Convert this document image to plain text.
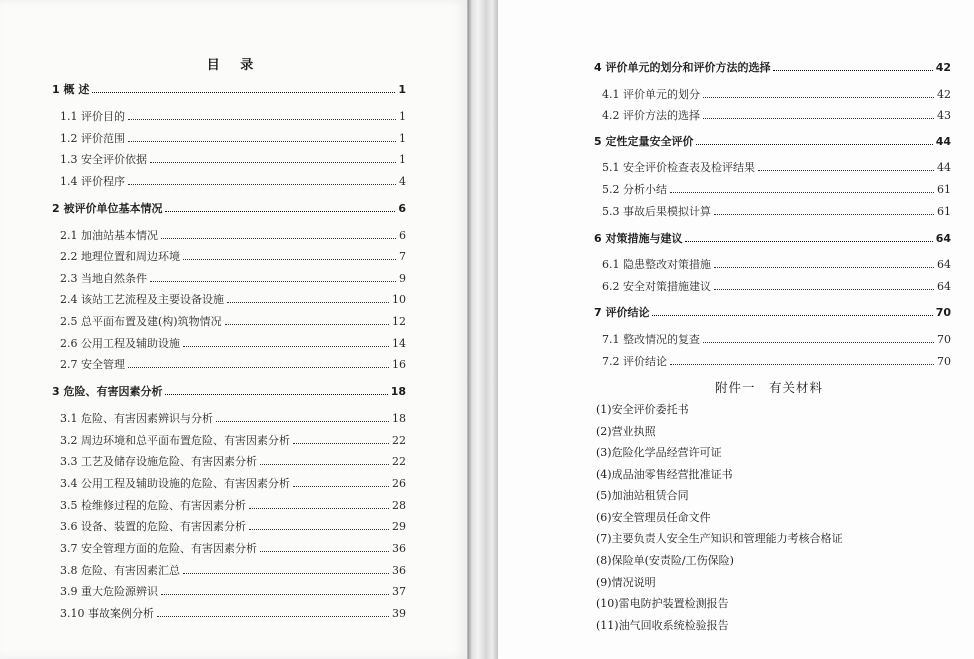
目 录
附件一　有关材料
1 概 述	1
1.1 评价目的	1
1.2 评价范围	1
1.3 安全评价依据	1
1.4 评价程序	4
2 被评价单位基本情况	6
2.1 加油站基本情况	6
2.2 地理位置和周边环境	7
2.3 当地自然条件	9
2.4 该站工艺流程及主要设备设施	10
2.5 总平面布置及建(构)筑物情况	12
2.6 公用工程及辅助设施	14
2.7 安全管理	16
3 危险、有害因素分析	18
3.1 危险、有害因素辨识与分析	18
3.2 周边环境和总平面布置危险、有害因素分析	22
3.3 工艺及储存设施危险、有害因素分析	22
3.4 公用工程及辅助设施的危险、有害因素分析	26
3.5 检维修过程的危险、有害因素分析	28
3.6 设备、装置的危险、有害因素分析	29
3.7 安全管理方面的危险、有害因素分析	36
3.8 危险、有害因素汇总	36
3.9 重大危险源辨识	37
3.10 事故案例分析	39
4 评价单元的划分和评价方法的选择	42
4.1 评价单元的划分	42
4.2 评价方法的选择	43
5 定性定量安全评价	44
5.1 安全评价检查表及检评结果	44
5.2 分析小结	61
5.3 事故后果模拟计算	61
6 对策措施与建议	64
6.1 隐患整改对策措施	64
6.2 安全对策措施建议	64
7 评价结论	70
7.1 整改情况的复查	70
7.2 评价结论	70
(1)安全评价委托书
(2)营业执照
(3)危险化学品经营许可证
(4)成品油零售经营批准证书
(5)加油站租赁合同
(6)安全管理员任命文件
(7)主要负责人安全生产知识和管理能力考核合格证
(8)保险单(安责险/工伤保险)
(9)情况说明
(10)雷电防护装置检测报告
(11)油气回收系统检验报告
